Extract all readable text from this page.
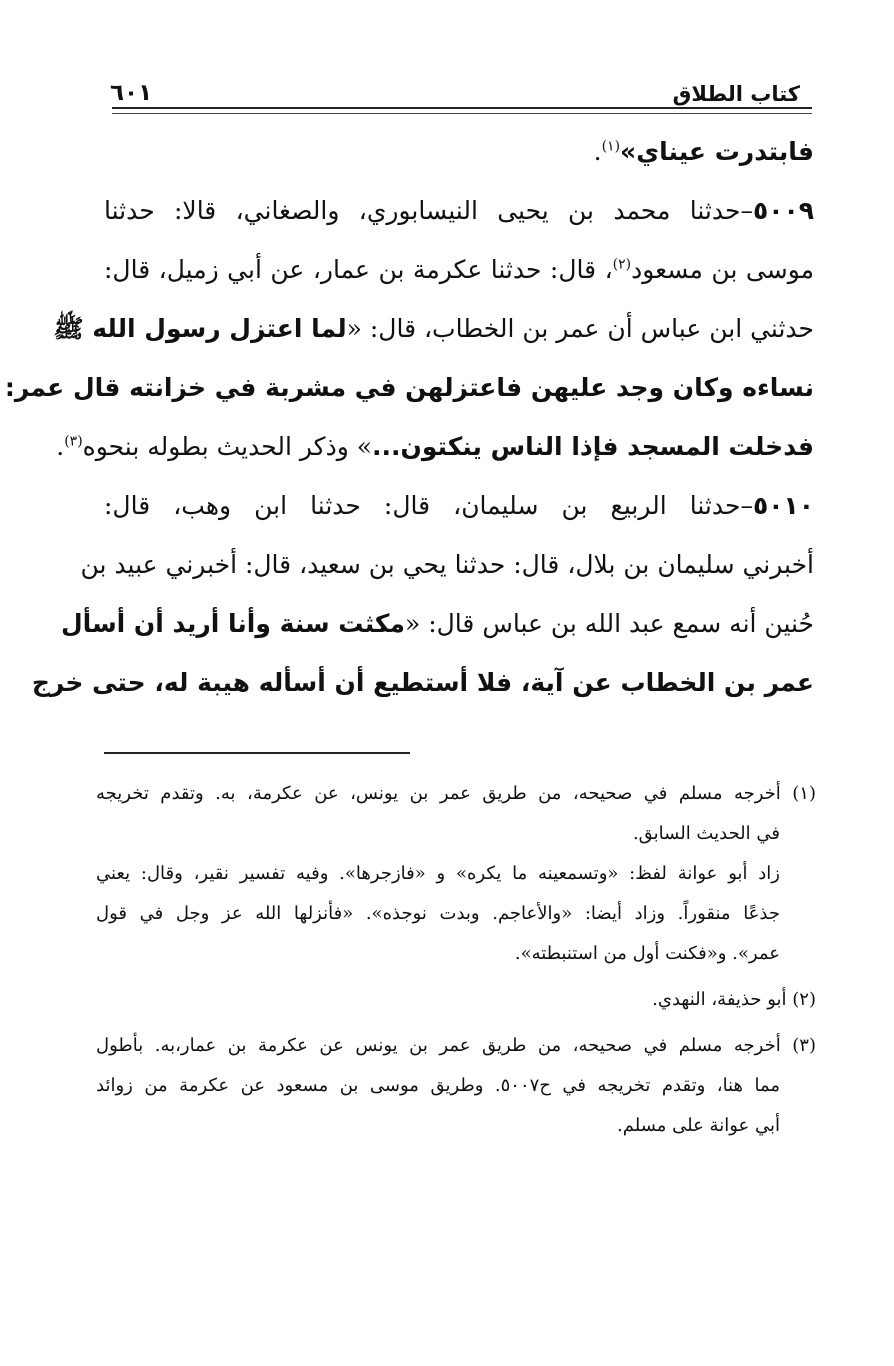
كتاب الطلاق
٦٠١
فابتدرت عيناي»$^{(١)}$.
٥٠٠٩–حدثنا محمد بن يحيى النيسابوري، والصغاني، قالا: حدثنا
موسى بن مسعود$^{(٢)}$، قال: حدثنا عكرمة بن عمار، عن أبي زميل، قال:
حدثني ابن عباس أن عمر بن الخطاب، قال: «لما اعتزل رسول الله ﷺ
نساءه وكان وجد عليهن فاعتزلهن في مشربة في خزانته قال عمر:
فدخلت المسجد فإذا الناس ينكتون...» وذكر الحديث بطوله بنحوه$^{(٣)}$.
٥٠١٠–حدثنا الربيع بن سليمان، قال: حدثنا ابن وهب، قال:
أخبرني سليمان بن بلال، قال: حدثنا يحي بن سعيد، قال: أخبرني عبيد بن
حُنين أنه سمع عبد الله بن عباس قال: «مكثت سنة وأنا أريد أن أسأل
عمر بن الخطاب عن آية، فلا أستطيع أن أسأله هيبة له، حتى خرج
(١) أخرجه مسلم في صحيحه، من طريق عمر بن يونس، عن عكرمة، به. وتقدم تخريجه
في الحديث السابق.
زاد أبو عوانة لفظ: «وتسمعينه ما يكره» و «فازجرها». وفيه تفسير نقير، وقال: يعني
جذعًا منقوراً. وزاد أيضا: «والأعاجم. وبدت نوجذه». «فأنزلها الله عز وجل في قول
عمر». و«فكنت أول من استنبطته».
(٢) أبو حذيفة، النهدي.
(٣) أخرجه مسلم في صحيحه، من طريق عمر بن يونس عن عكرمة بن عمار،به. بأطول
مما هنا، وتقدم تخريجه في ح٥٠٠٧. وطريق موسى بن مسعود عن عكرمة من زوائد
أبي عوانة على مسلم.
